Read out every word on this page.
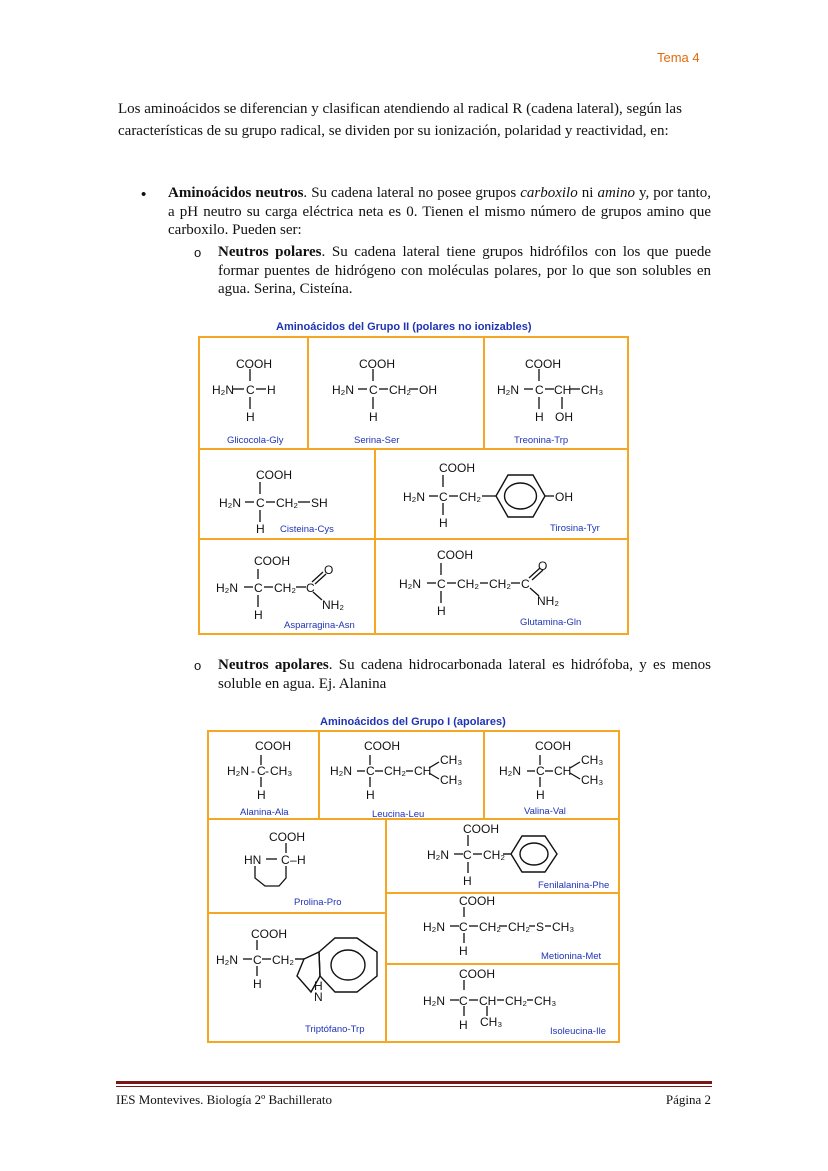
Tema 4
Los aminoácidos se diferencian y clasifican atendiendo al radical R (cadena lateral), según las características de su grupo radical, se dividen por su ionización, polaridad y reactividad, en:
• Aminoácidos neutros. Su cadena lateral no posee grupos carboxilo ni amino y, por tanto, a pH neutro su carga eléctrica neta es 0. Tienen el mismo número de grupos amino que carboxilo. Pueden ser:
o Neutros polares. Su cadena lateral tiene grupos hidrófilos con los que puede formar puentes de hidrógeno con moléculas polares, por lo que son solubles en agua. Serina, Cisteína.
Aminoácidos del Grupo II (polares no ionizables)
COOH
H₂N C H
H
Glicocola-Gly
COOH
H₂N C CH₂ OH
H
Serina-Ser
COOH
H₂N C CH CH₃
H OH
Treonina-Trp
COOH
H₂N C CH₂ SH
H Cisteina-Cys
COOH
H₂N C CH₂	OH
H	Tirosina-Tyr
COOH
H₂N C CH₂ C
O
NH₂
H
Asparragina-Asn
COOH
H₂N C CH₂ CH₂ C
O
NH₂
H
Glutamina-Gln
o Neutros apolares. Su cadena hidrocarbonada lateral es hidrófoba, y es menos soluble en agua. Ej. Alanina
Aminoácidos del Grupo I (apolares)
COOH
H₂N - C - CH₃
H
Alanina-Ala
COOH
H₂N C CH₂ CH
CH₃
CH₃
H
Leucina-Leu
COOH
H₂N C CH
CH₃
CH₃
H
Valina-Val
COOH
HN C – H
Prolina-Pro
COOH
H₂N C CH₂
H	Fenilalanina-Phe
COOH
H₂N C CH₂ CH₂ S CH₃
H	Metionina-Met
COOH
H₂N C CH₂
H	H
N
Triptófano-Trp
COOH
H₂N C CH CH₂ CH₃
H CH₃
Isoleucina-Ile
IES Montevives. Biología 2º Bachillerato	Página 2
